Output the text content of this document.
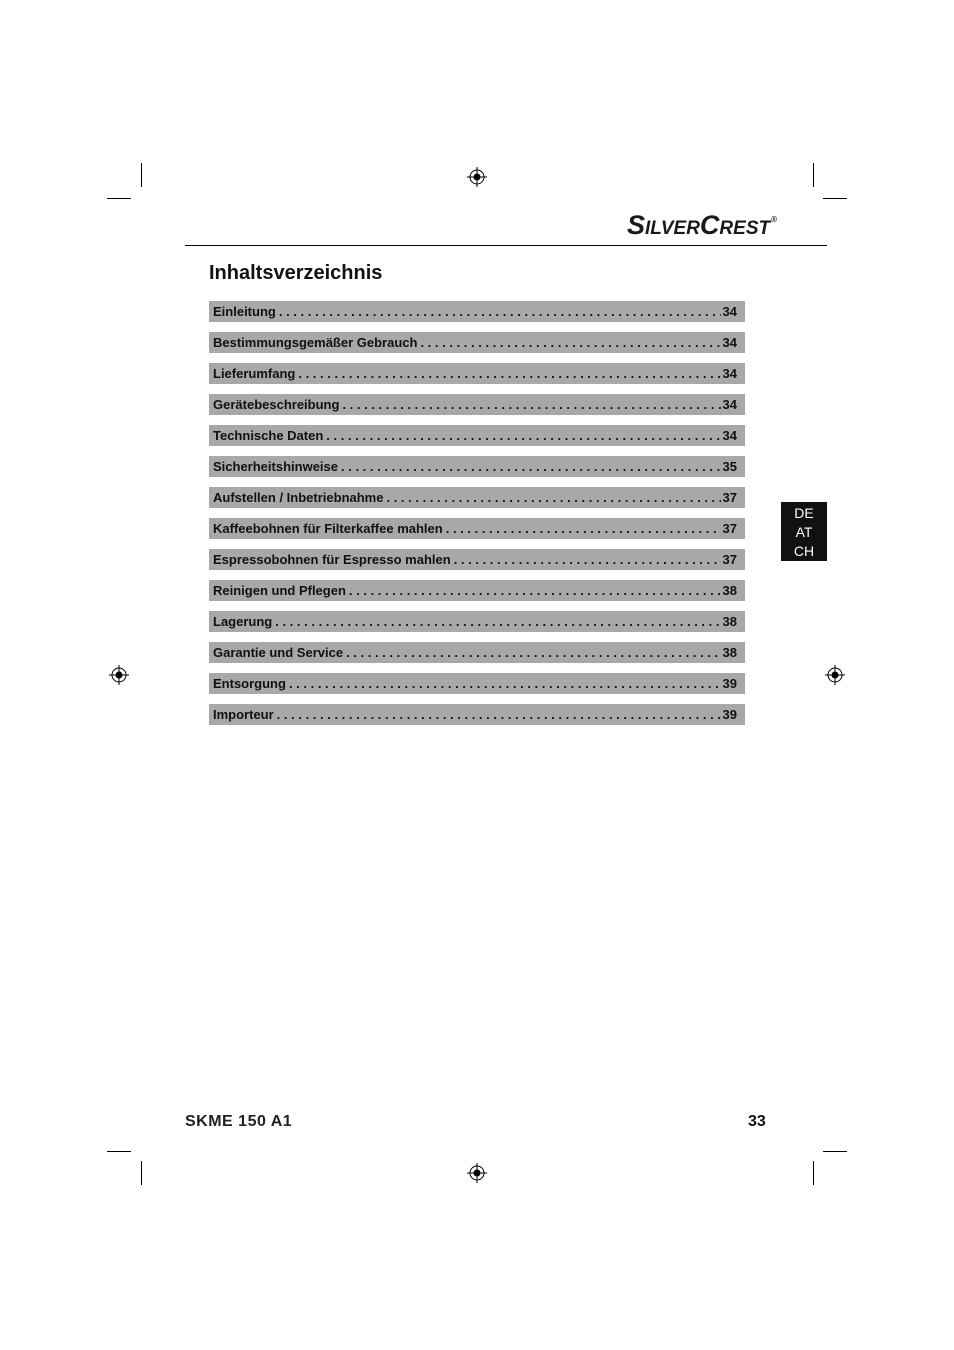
SILVERCREST®
Inhaltsverzeichnis
Einleitung . . .	34
Bestimmungsgemäßer Gebrauch . . .	34
Lieferumfang . . .	34
Gerätebeschreibung . . .	34
Technische Daten . . .	34
Sicherheitshinweise . . .	35
Aufstellen / Inbetriebnahme . . .	37
Kaffeebohnen für Filterkaffee mahlen . . .	37
Espressobohnen für Espresso mahlen . . .	37
Reinigen und Pflegen . . .	38
Lagerung . . .	38
Garantie und Service . . .	38
Entsorgung . . .	39
Importeur . . .	39
DE
AT
CH
SKME 150 A1	33
